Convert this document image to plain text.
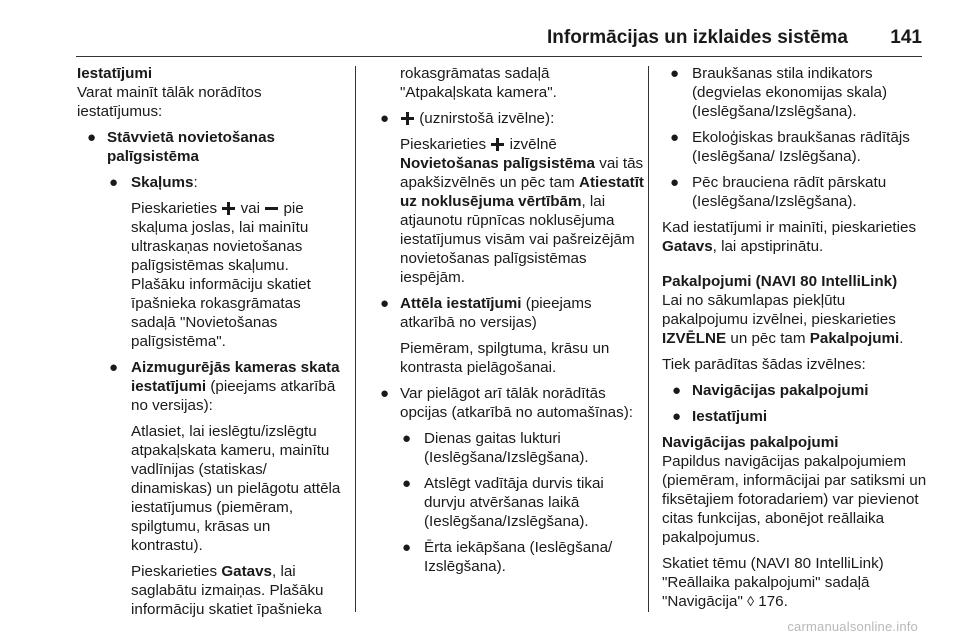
Informācijas un izklaides sistēma 141

Iestatījumi

Varat mainīt tālāk norādītos iestatījumus:

● Stāvvietā novietošanas palīgsistēma
● Skaļums:

Pieskarieties vai pie skaļuma joslas, lai mainītu ultraskaņas novietošanas palīgsistēmas skaļumu. Plašāku informāciju skatiet īpašnieka rokasgrāmatas sadaļā "Novietošanas palīgsistēma".

● Aizmugurējās kameras skata iestatījumi (pieejams atkarībā no versijas):

Atlasiet, lai ieslēgtu/izslēgtu atpakaļskata kameru, mainītu vadlīnijas (statiskas/ dinamiskas) un pielāgotu attēla iestatījumus (piemēram, spilgtumu, krāsas un kontrastu).

Pieskarieties Gatavs, lai saglabātu izmaiņas. Plašāku informāciju skatiet īpašnieka

rokasgrāmatas sadaļā "Atpakaļskata kamera".

● (uznirstošā izvēlne):

Pieskarieties izvēlnē Novietošanas palīgsistēma vai tās apakšizvēlnēs un pēc tam Atiestatīt uz noklusējuma vērtībām, lai atjaunotu rūpnīcas noklusējuma iestatījumus visām vai pašreizējām novietošanas palīgsistēmas iespējām.

● Attēla iestatījumi (pieejams atkarībā no versijas)

Piemēram, spilgtuma, krāsu un kontrasta pielāgošanai.

● Var pielāgot arī tālāk norādītās opcijas (atkarībā no automašīnas):
● Dienas gaitas lukturi (Ieslēgšana/Izslēgšana).
● Atslēgt vadītāja durvis tikai durvju atvēršanas laikā (Ieslēgšana/Izslēgšana).
● Ērta iekāpšana (Ieslēgšana/ Izslēgšana).
● Braukšanas stila indikators (degvielas ekonomijas skala) (Ieslēgšana/Izslēgšana).
● Ekoloģiskas braukšanas rādītājs (Ieslēgšana/ Izslēgšana).
● Pēc brauciena rādīt pārskatu (Ieslēgšana/Izslēgšana).

Kad iestatījumi ir mainīti, pieskarieties Gatavs, lai apstiprinātu.

Pakalpojumi (NAVI 80 IntelliLink)

Lai no sākumlapas piekļūtu pakalpojumu izvēlnei, pieskarieties IZVĒLNE un pēc tam Pakalpojumi.

Tiek parādītas šādas izvēlnes:

● Navigācijas pakalpojumi
● Iestatījumi

Navigācijas pakalpojumi

Papildus navigācijas pakalpojumiem (piemēram, informācijai par satiksmi un fiksētajiem fotoradariem) var pievienot citas funkcijas, abonējot reāllaika pakalpojumus.

Skatiet tēmu (NAVI 80 IntelliLink) "Reāllaika pakalpojumi" sadaļā "Navigācija" ◊ 176.

carmanualsonline.info
